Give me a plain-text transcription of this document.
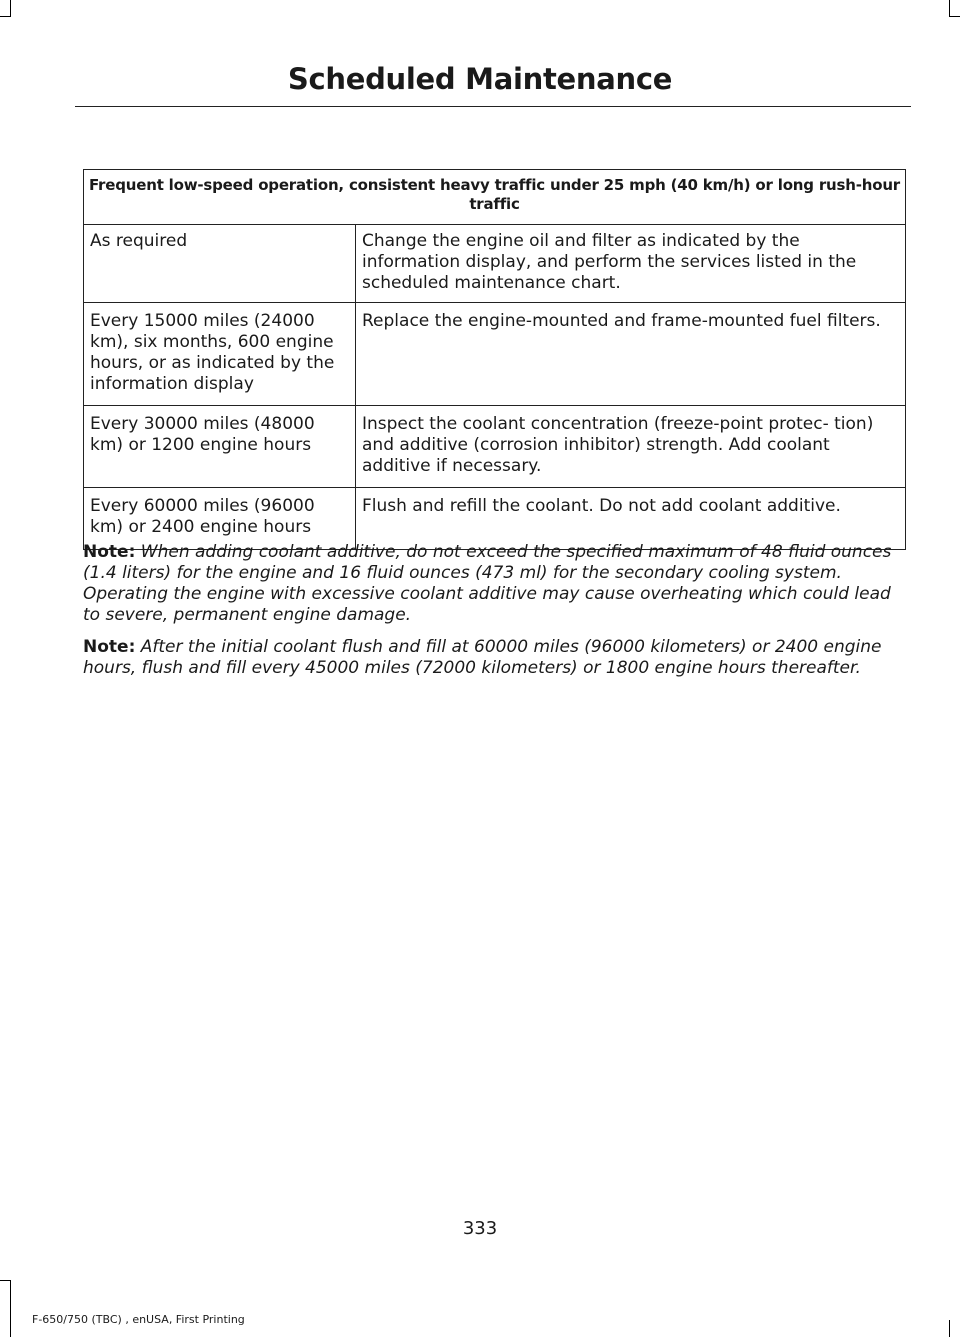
Scheduled Maintenance
Frequent low-speed operation, consistent heavy traffic under 25 mph (40 km/h) or long rush-hour traffic	
As required	Change the engine oil and filter as indicated by the information display, and perform the services listed in the scheduled maintenance chart.
Every 15000 miles (24000 km), six months, 600 engine hours, or as indicated by the information display	Replace the engine-mounted and frame-mounted fuel filters.
Every 30000 miles (48000 km) or 1200 engine hours	Inspect the coolant concentration (freeze-point protec- tion) and additive (corrosion inhibitor) strength. Add coolant additive if necessary.
Every 60000 miles (96000 km) or 2400 engine hours	Flush and refill the coolant. Do not add coolant additive.

Note: When adding coolant additive, do not exceed the specified maximum of 48 fluid ounces (1.4 liters) for the engine and 16 fluid ounces (473 ml) for the secondary cooling system. Operating the engine with excessive coolant additive may cause overheating which could lead to severe, permanent engine damage.

Note: After the initial coolant flush and fill at 60000 miles (96000 kilometers) or 2400 engine hours, flush and fill every 45000 miles (72000 kilometers) or 1800 engine hours thereafter.

333
F-650/750 (TBC) , enUSA, First Printing
